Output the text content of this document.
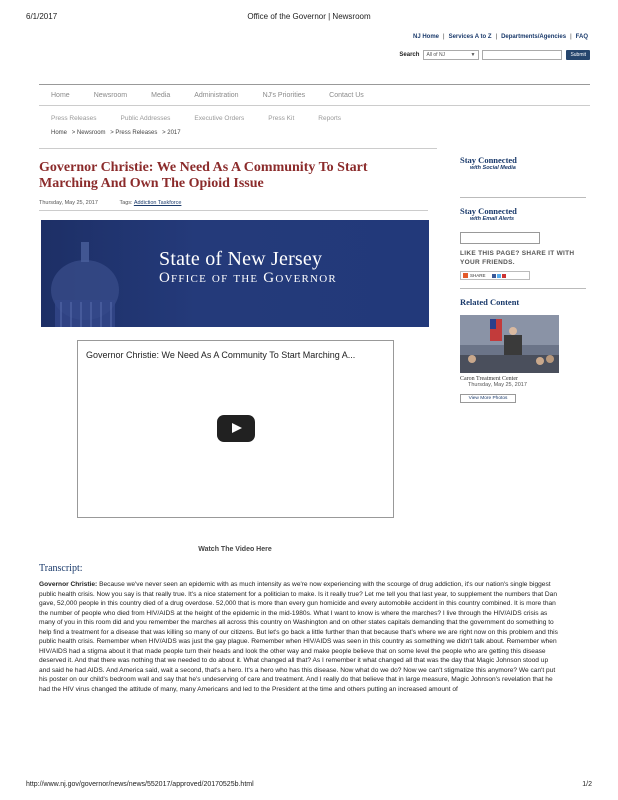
6/1/2017	Office of the Governor | Newsroom
NJ Home | Services A to Z | Departments/Agencies | FAQ
Search	All of NJ	▼	Submit
Home	Newsroom	Media	Administration	NJ's Priorities	Contact Us
Press Releases	Public Addresses	Executive Orders	Press Kit	Reports
Home > Newsroom > Press Releases > 2017
Governor Christie: We Need As A Community To Start Marching And Own The Opioid Issue
Thursday, May 25, 2017	Tags: Addiction Taskforce
State of New Jersey
Office of the Governor
Governor Christie: We Need As A Community To Start Marching A...
Watch The Video Here
Transcript:
Governor Christie: Because we've never seen an epidemic with as much intensity as we're now experiencing with the scourge of drug addiction, it's our nation's single biggest public health crisis. Now you say is that really true. It's a nice statement for a politician to make. Is it really true? Let me tell you that last year, to supplement the numbers that Dan gave, 52,000 people in this country died of a drug overdose. 52,000 that is more than every gun homicide and every automobile accident in this country combined. It is more than the number of people who died from HIV/AIDS at the height of the epidemic in the mid-1980s. What I want to know is where the marches? I live through the HIV/AIDS crisis as many of you in this room did and you remember the marches all across this country on Washington and on other states capitals demanding that the government do something to help find a treatment for a disease that was killing so many of our citizens. But let's go back a little further than that because that's where we are right now on this problem and this public health crisis. Remember when HIV/AIDS was just the gay plague. Remember when HIV/AIDS was seen in this country as something we didn't talk about. Remember when HIV/AIDS had a stigma about it that made people turn their heads and look the other way and make people believe that on some level the people who are getting this disease deserved it. And that there was nothing that we needed to do about it. What changed all that? As I remember it what changed all that was the day that Magic Johnson stood up and said he had AIDS. And America said, wait a second, that's a hero. It's a hero who has this disease. Now what do we do? Now we can't stigmatize this anymore? We can't put his poster on our child's bedroom wall and say that he's undeserving of care and treatment. And I really do that believe that in large measure, Magic Johnson's revelation that he had the HIV virus changed the attitude of many, many Americans and led to the President at the time and others putting an increased amount of
Stay Connected
with Social Media
Stay Connected
with Email Alerts
LIKE THIS PAGE? SHARE IT WITH YOUR FRIENDS.
SHARE
Related Content
Caron Treatment Center
Thursday, May 25, 2017
View More Photos
http://www.nj.gov/governor/news/news/552017/approved/20170525b.html	1/2
